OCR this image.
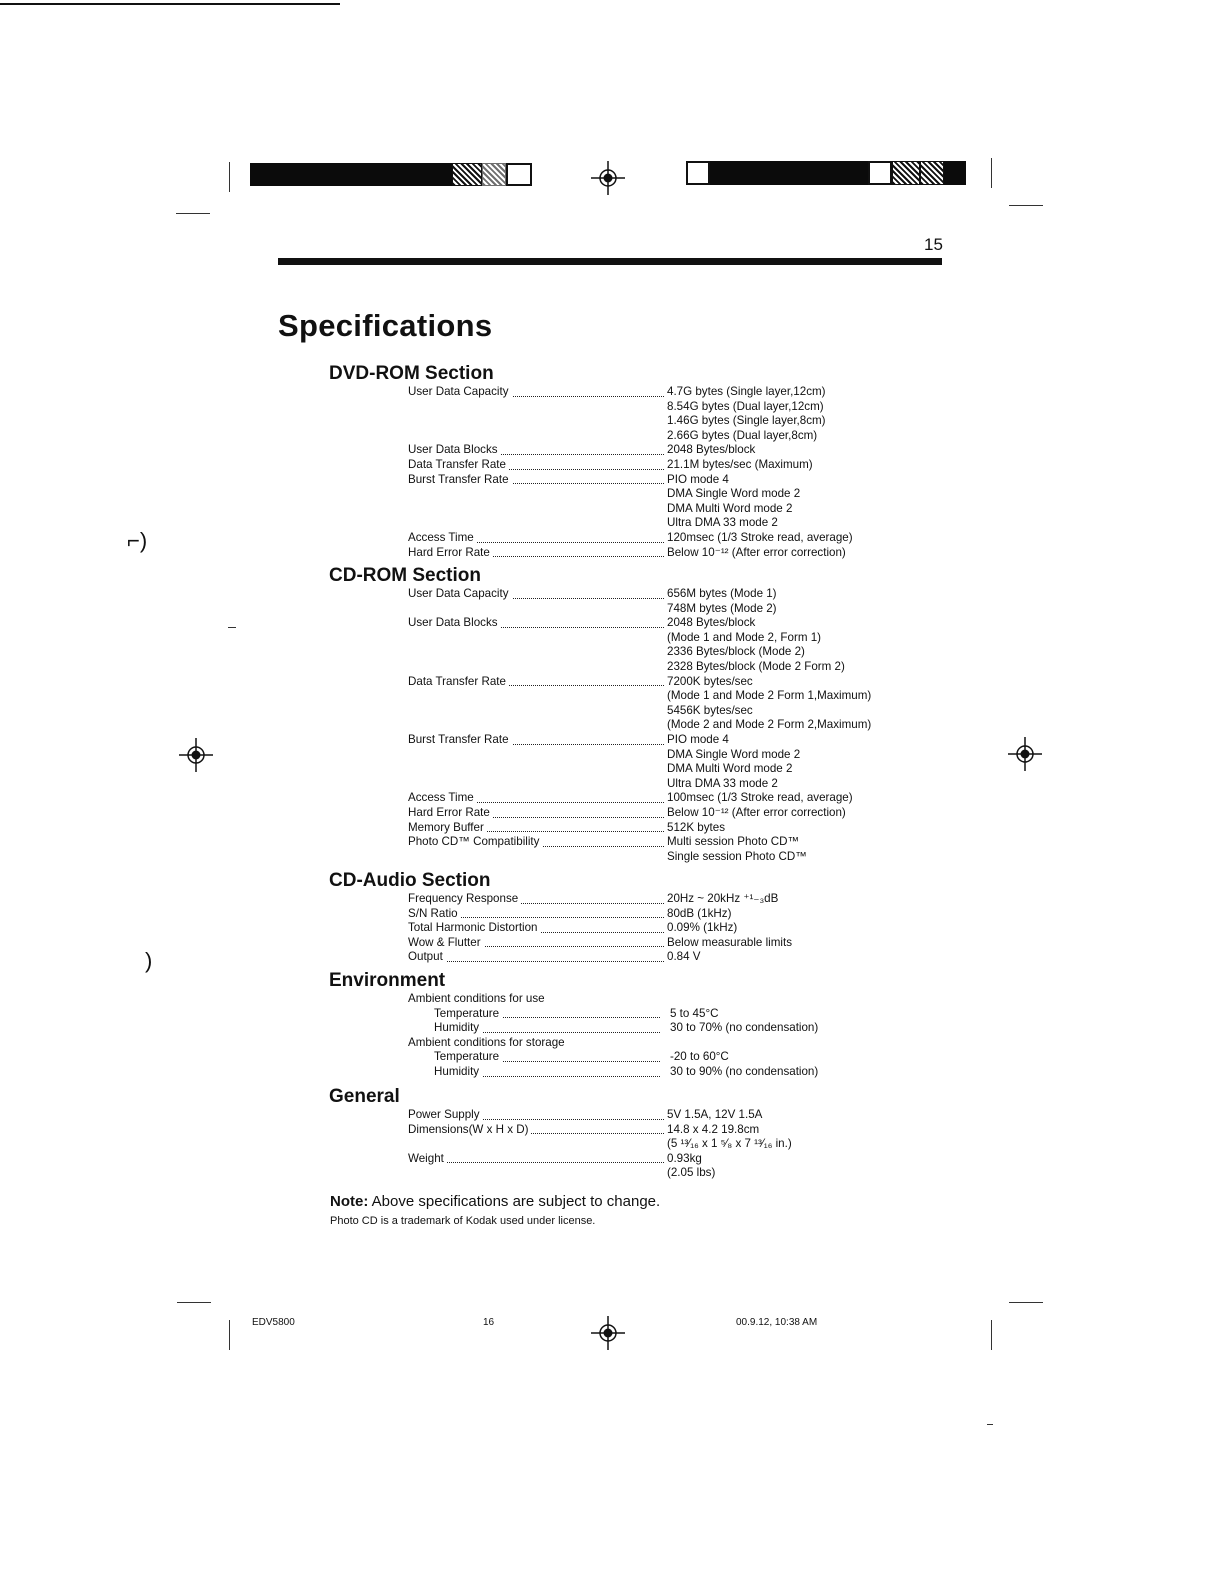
15
Specifications
DVD-ROM Section
User Data Capacity	4.7G bytes (Single layer,12cm)
8.54G bytes (Dual layer,12cm)
1.46G bytes (Single layer,8cm)
2.66G bytes (Dual layer,8cm)
User Data Blocks	2048 Bytes/block
Data Transfer Rate	21.1M bytes/sec (Maximum)
Burst Transfer Rate	PIO mode 4
DMA Single Word mode 2
DMA Multi Word mode 2
Ultra DMA 33 mode 2
Access Time	120msec (1/3 Stroke read, average)
Hard Error Rate	Below 10⁻¹² (After error correction)
CD-ROM Section
User Data Capacity	656M bytes (Mode 1)
748M bytes (Mode 2)
User Data Blocks	2048 Bytes/block
(Mode 1 and Mode 2, Form 1)
2336 Bytes/block (Mode 2)
2328 Bytes/block (Mode 2 Form 2)
Data Transfer Rate	7200K bytes/sec
(Mode 1 and Mode 2 Form 1,Maximum)
5456K bytes/sec
(Mode 2 and Mode 2 Form 2,Maximum)
Burst Transfer Rate	PIO mode 4
DMA Single Word mode 2
DMA Multi Word mode 2
Ultra DMA 33 mode 2
Access Time	100msec (1/3 Stroke read, average)
Hard Error Rate	Below 10⁻¹² (After error correction)
Memory Buffer	512K bytes
Photo CD™ Compatibility	Multi session Photo CD™
Single session Photo CD™
CD-Audio Section
Frequency Response	20Hz ~ 20kHz ⁺¹₋₃dB
S/N Ratio	80dB (1kHz)
Total Harmonic Distortion	0.09% (1kHz)
Wow & Flutter	Below measurable limits
Output	0.84 V
Environment
Ambient conditions for use
Temperature	5 to 45°C
Humidity	30 to 70% (no condensation)
Ambient conditions for storage
Temperature	-20 to 60°C
Humidity	30 to 90% (no condensation)
General
Power Supply	5V 1.5A, 12V 1.5A
Dimensions(W x H x D)	14.8 x 4.2 19.8cm
(5 ¹³⁄₁₆ x 1 ⁵⁄₈ x 7 ¹³⁄₁₆ in.)
Weight	0.93kg
(2.05 lbs)
Note: Above specifications are subject to change.
Photo CD is a trademark of Kodak used under license.
⌐)
)
EDV5800	16	00.9.12, 10:38 AM
